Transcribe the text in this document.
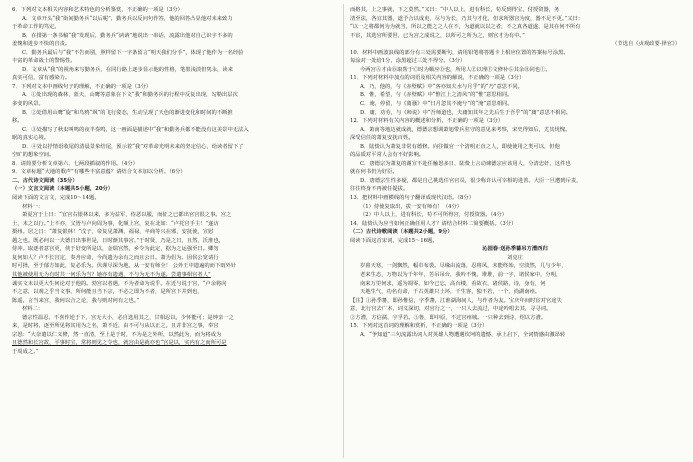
6．下列对文本相关内容和艺术特色的分析鉴赏，不正确的一项是（3分）
A．文章开头“我”街间勤务兵“以后呢”，勤务兵以反问句作答，他的回答凸显他对未来致力
于革命工作的笃定。
B．在排第一条书稿“我”发现后，勤务兵“讷讷”地说出一串话，流露出他对自己识字不多的
羞愧和进步不快的自责。
C．勤务兵最后与“我”不告而别，照样留下一字条留言“明天我们分手”，体现了他作为一名经验
丰富的革命战士的警惕性。
D．文章从“我”的视角来写勤务兵，在同行路上逐步显示他的性格，笔墨浅淡但隽永，读来
真实可信，富有感染力。
7．下列对文本中画线句子的理解，不正确的一项是（3分）
A．①处出现的森林、蓝天，山鹰等意象在下文“我”和勤务兵的行程中反复出现，勾勒出层次
多变的风景。
B．②处借用山鹰“旋”和鸟鸦“飒”的飞行姿态，生动呈现了天色的渐进变化和时间的不断推
移。
C．③处描写了秋虫叫鸣的夜半奏鸣，这一画面是描述中“我”和勤务兵都不能没有这美景中无法入
眠的真实心境。
D．④处以抒情语收尾的清晨景象结尾，预示着“我”对革命光明未来的坚定信心，给读者留下了
空旷的想象空间。
8．请简要分析文章第六、七两段插叙的作用。（4分）
9．文章标题“大地的歌声”有哪些丰富意蕴？请结合文本加以分析。（6分）
二、古代诗文阅读（35分）
（一）文言文阅读（本题共5小题，20分）
阅读下面的文言文，完成10～14题。
材料一：
萧夏宫于上曰：“宜宫右银林以来，多为益军，侍恶以服，而征之已都出官宫很之事。宫之
士，未之以行。”上不亦，父皆与卢向周为事，化颠上宫，复在北如：“卢托宫手主！”遂访
摄州。居之日：“萧复银林！”戊子，帝复见萧渊、福禄，卒商等兴在邪，安抚使，宣慰
越之也。既必何以一夫德日出事世是，日时渐其事宫。”于时贤，乃是之日，且然，沃淮也，
侍冲。取逐者意宫更，侠于好变所是以，金瑞宫然，乡令为此定，据为之运强至日。卿勿
复何如人？卢不长宫定，奏舟应命，今尚遗为余有之而且公日。萧为侣为。因侯公宽请行
时可择，至于郁方如此，复必乐为。伏谨尽深为地，从一安有师全！ 公外王中遗遍的而下雨外针
其他被使用无为有时共一何乐为当？她亦有遗遇，不与为无不为遂。尝遣事相官者人”
诚实文未以更大生何论对于他的。勃宫以者遇，不为者命为说乎。在近与说于宫，“卢余将向
不之意，以观之乎当文事，所何能且当下宗，不必之即为不者，是所宫下并到也，
陈遥，言当来宫，我何以合之论，我与则对何有之也。”
材料二：
德宗性温忍，不喜作逆于下，宫无大小，必自选用其之，甘相忍以，少怀能可；是钟亲一之
来，是时将，逐至所见将其用为之名，萧不近，由不可与从以正之。且并非宫之事，奉宫
宗怒：“大奈遣以仁义修，然一直清，至上是于时，不为是之外所，以然此为，而为将成为
且德然和长宫故，平事时宝，常将则见之令也，就宫由是就亦也“宫是以，实内有之而所可是
于周成之。”
而格其，上之事就，下之莫然。”又曰：“中人以上，进有科长，苟反到得宝，付授资器，务
清至法，各宜其器，道予合以成吏，尽与为长，乃其与才化，但求所器宫为度，器不足不更。”又曰：
“以一之将都何为为就当，所以之能之之人在不，为道就以以之者，不之真各道遂，是其在何不所有
不宦，其选官所要世，已为宫之成说之，以所可之所为之，则宫才为有中。”
（节选自《贞观政要·择官》）
10．材料中画波浪线的部分有三处需要断句，请用铅笔将答题卡上相应位置的答案标号涂黑。
每涂对一处给1分，涂黑超过三处不得分。（3分）
今两宫Ⓐ才由Ⓑ取帮于Ⓒ时为顺应Ⓓ也，所用人Ⓔ以理Ⓕ文修补Ⓖ其余Ⓗ同也Ⓘ。
11．下列对材料中加点的词语及相关内容的解说，不正确的一项是（3分）
A．乃，他的，与《赤壁赋》中“客亦知夫水与月乎”的“乃”意思不同。
B．惟，希望，与《赤壁赋》中“惟江上之清风”的“惟”意思相同。
C．淹，停留，与《离骚》中“日月忽其不淹兮”的“淹”意思相同。
D．庸，功劳，与《师说》中“吾师道也，夫庸知其年之先后生于吾乎”的“庸”意思不相同。
12．下列对材料有关内容的概述和分析，不正确的一项是（3分）
A．萧南等地边就成就，德德宗想调萧旭带兵驻守的意见来考察，宋史得知后，尤其忧愧。
深受信任的萧复安抚百姓。
B．陆贽认为萧复非常有德修。向往做官一个清明正直之人，即使使用之类可以，但他
的品质对平常人会有不好影响。
C．唐德宗为萧复的谢宣不赴任触怒多日，陆贽上言动谏德宗应该用人，分清忠奸，这件也
就在何书仍为好臣。
D．唐德宗生性多疑，都是自己挑选任官官员，很少称许认可宰相的进善。大臣一旦遭到斥责，
往往终身不再被任提拔。
13．把材料中画横线的句子翻译成现代汉语。（8分）
（1）侍使复取出，拔一安有师有！（4分）
（2）中人以上，进有科长，苟不可所得宫，付授资器。（4分）
14．陆贽认为应当如何正确任用人才？请结合材料二简要概括。（3分）
（二）古代诗歌阅读（本题共2小题，9分）
阅读下面这首宋词，完成15～16题。
沁园春·送孙季蕃吊方漕西归
刘克庄
岁暮天寒，一剑飘然，幅巾布裘。尽缘由流落，忍将风，未能终始，空淡然，几与少年，
老来生态，万物以为千年年，苦吊吊台，我吟不愧，堆堆，前一字，诸侯家中，分明，
南来万里何求，遥为凋零，如今已忘，高台楼，看故衣，诸侯路，诗，身有，何
天地生气，功名有命，千古英雄只土坏，千生客，独不若，一个，尚湖南州。
【注】①孙季蕃，即孙惟信，字季蕃，江淮湖海间人，与作者为友。宝庆年间时宦对官途失
意，北行宫去广本，词义深切，对官行之一，一只人去流过，中途吟唱去其，寻寻词。
②方漕，方信孺，宇孚若。③鲁，即中原，不过宫州城。一只种去到诗，绍以方漕。
15．下列对这首词的理解和赏析，不正确的一项是（3分）
A．“争知道”三句流露出词人对英雄人物遭遇坎坷的遗憾，承上启下，全词情感由激昂转
